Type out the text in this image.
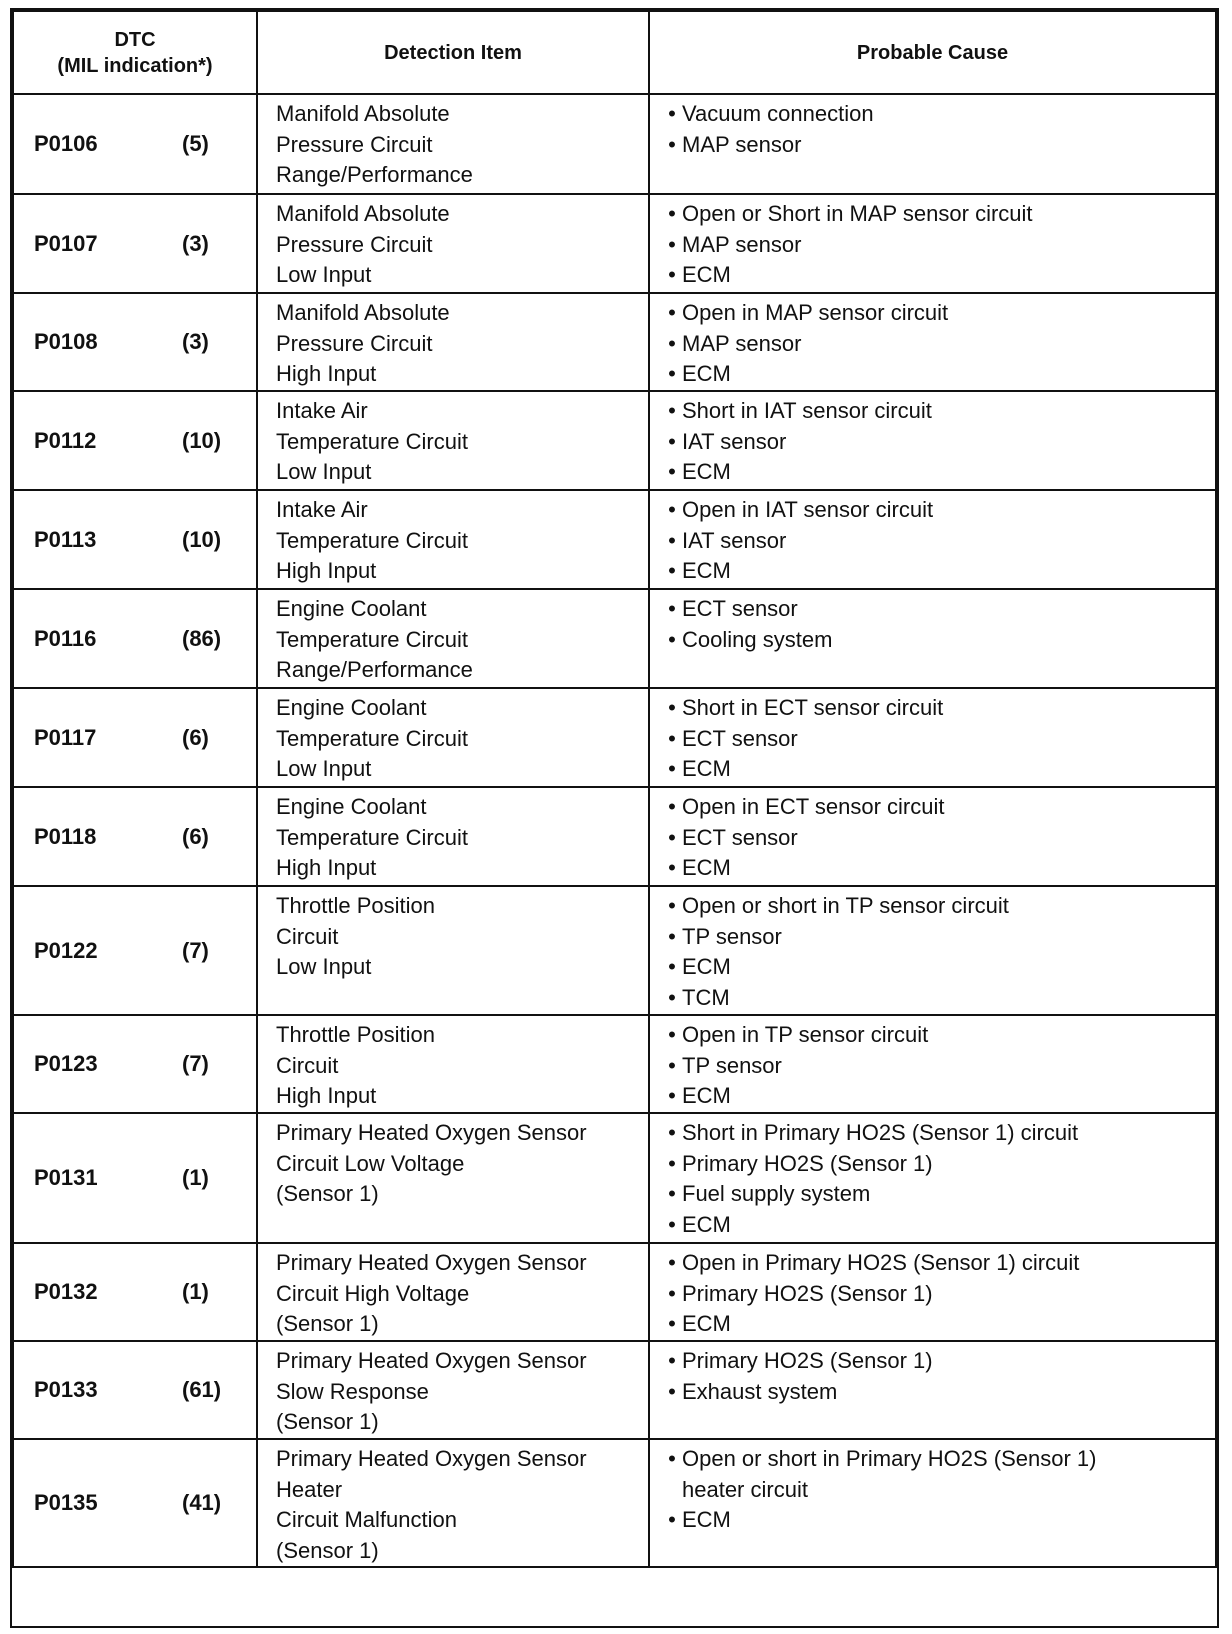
DTC
(MIL indication*)	Detection Item	Probable Cause

P0106 (5)	Manifold Absolute
Pressure Circuit
Range/Performance	• Vacuum connection
• MAP sensor

P0107 (3)	Manifold Absolute
Pressure Circuit
Low Input	• Open or Short in MAP sensor circuit
• MAP sensor
• ECM

P0108 (3)	Manifold Absolute
Pressure Circuit
High Input	• Open in MAP sensor circuit
• MAP sensor
• ECM

P0112 (10)	Intake Air
Temperature Circuit
Low Input	• Short in IAT sensor circuit
• IAT sensor
• ECM

P0113 (10)	Intake Air
Temperature Circuit
High Input	• Open in IAT sensor circuit
• IAT sensor
• ECM

P0116 (86)	Engine Coolant
Temperature Circuit
Range/Performance	• ECT sensor
• Cooling system

P0117 (6)	Engine Coolant
Temperature Circuit
Low Input	• Short in ECT sensor circuit
• ECT sensor
• ECM

P0118 (6)	Engine Coolant
Temperature Circuit
High Input	• Open in ECT sensor circuit
• ECT sensor
• ECM

P0122 (7)	Throttle Position
Circuit
Low Input	• Open or short in TP sensor circuit
• TP sensor
• ECM
• TCM

P0123 (7)	Throttle Position
Circuit
High Input	• Open in TP sensor circuit
• TP sensor
• ECM

P0131 (1)	Primary Heated Oxygen Sensor
Circuit Low Voltage
(Sensor 1)	• Short in Primary HO2S (Sensor 1) circuit
• Primary HO2S (Sensor 1)
• Fuel supply system
• ECM

P0132 (1)	Primary Heated Oxygen Sensor
Circuit High Voltage
(Sensor 1)	• Open in Primary HO2S (Sensor 1) circuit
• Primary HO2S (Sensor 1)
• ECM

P0133 (61)	Primary Heated Oxygen Sensor
Slow Response
(Sensor 1)	• Primary HO2S (Sensor 1)
• Exhaust system

P0135 (41)	Primary Heated Oxygen Sensor
Heater
Circuit Malfunction
(Sensor 1)	• Open or short in Primary HO2S (Sensor 1)
heater circuit
• ECM
